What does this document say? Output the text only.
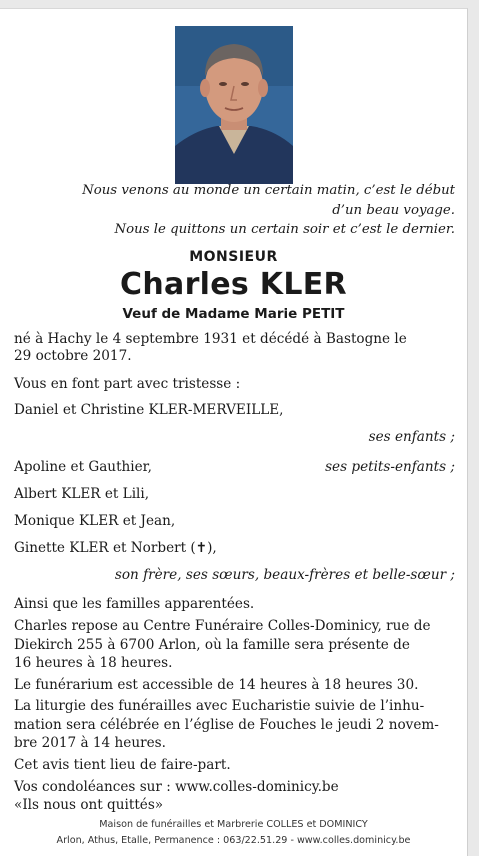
Nous venons au monde un certain matin, c’est le début
d’un beau voyage.
Nous le quittons un certain soir et c’est le dernier.
MONSIEUR
Charles KLER
Veuf de Madame Marie PETIT
né à Hachy le 4 septembre 1931 et décédé à Bastogne le
29 octobre 2017.
Vous en font part avec tristesse :
Daniel et Christine KLER-MERVEILLE,
ses enfants ;
Apoline et Gauthier,	ses petits-enfants ;
Albert KLER et Lili,
Monique KLER et Jean,
Ginette KLER et Norbert (✝),
son frère, ses sœurs, beaux-frères et belle-sœur ;
Ainsi que les familles apparentées.
Charles repose au Centre Funéraire Colles-Dominicy, rue de
Diekirch 255 à 6700 Arlon, où la famille sera présente de
16 heures à 18 heures.
Le funérarium est accessible de 14 heures à 18 heures 30.
La liturgie des funérailles avec Eucharistie suivie de l’inhu-
mation sera célébrée en l’église de Fouches le jeudi 2 novem-
bre 2017 à 14 heures.
Cet avis tient lieu de faire-part.
Vos condoléances sur : www.colles-dominicy.be
«Ils nous ont quittés»
Maison de funérailles et Marbrerie COLLES et DOMINICY
Arlon, Athus, Etalle, Permanence : 063/22.51.29 - www.colles.dominicy.be
